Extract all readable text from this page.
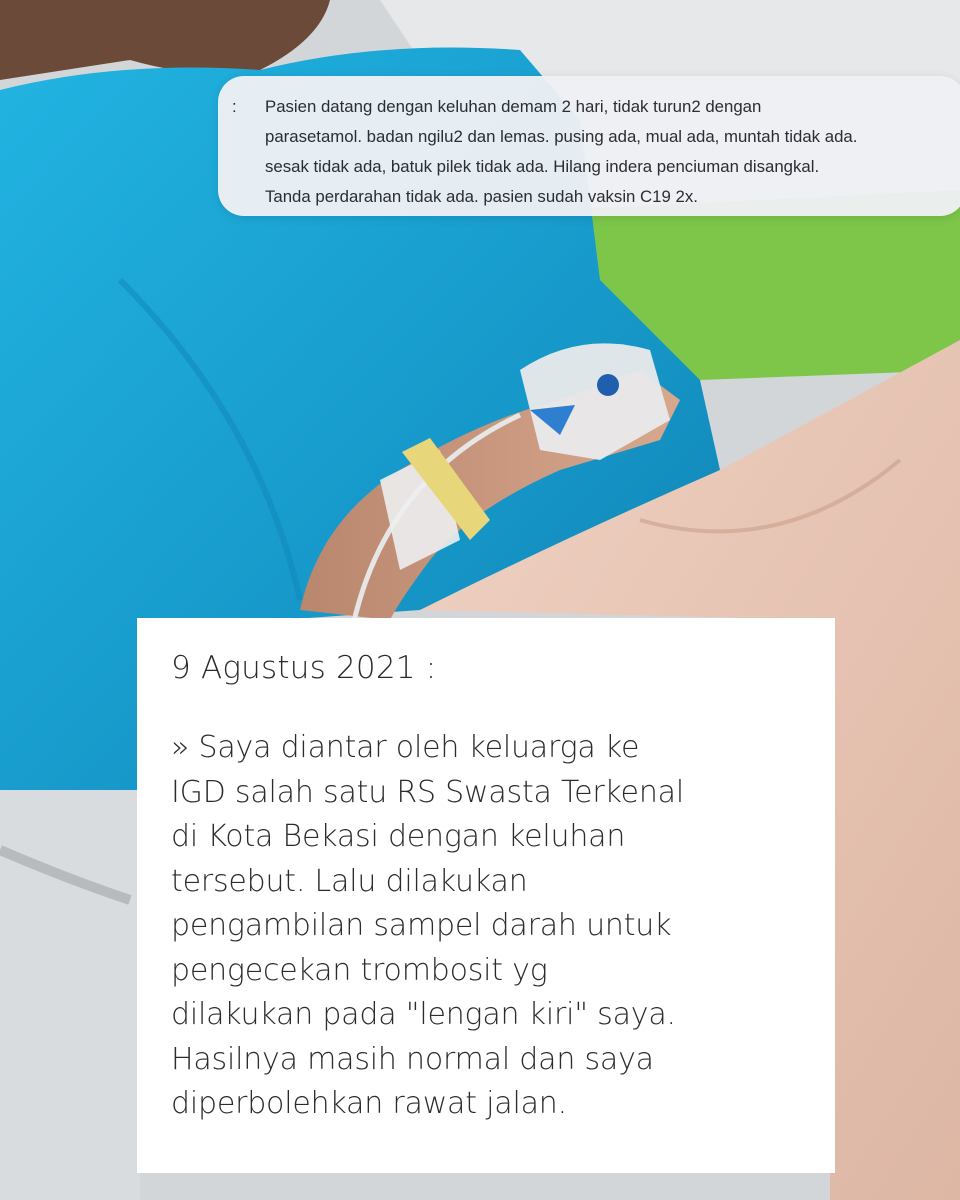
: Pasien datang dengan keluhan demam 2 hari, tidak turun2 dengan
parasetamol. badan ngilu2 dan lemas. pusing ada, mual ada, muntah tidak ada.
sesak tidak ada, batuk pilek tidak ada. Hilang indera penciuman disangkal.
Tanda perdarahan tidak ada. pasien sudah vaksin C19 2x.
9 Agustus 2021 :
» Saya diantar oleh keluarga ke
IGD salah satu RS Swasta Terkenal
di Kota Bekasi dengan keluhan
tersebut. Lalu dilakukan
pengambilan sampel darah untuk
pengecekan trombosit yg
dilakukan pada "lengan kiri" saya.
Hasilnya masih normal dan saya
diperbolehkan rawat jalan.
